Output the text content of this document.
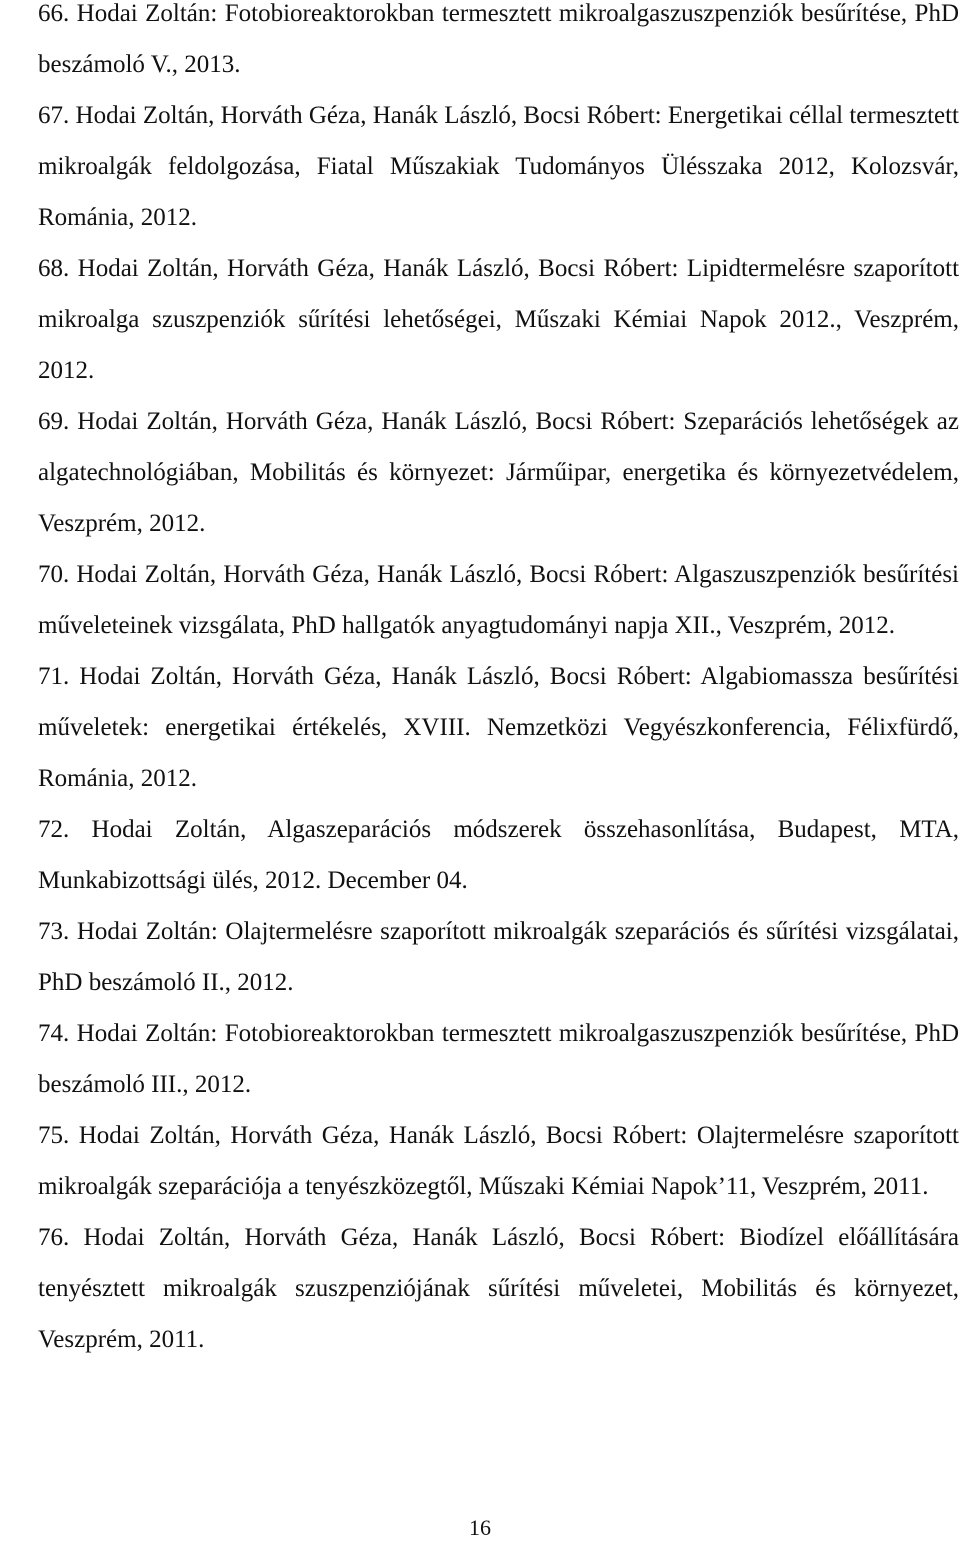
66. Hodai Zoltán: Fotobioreaktorokban termesztett mikroalgaszuszpenziók besűrítése, PhD beszámoló V., 2013.
67. Hodai Zoltán, Horváth Géza, Hanák László, Bocsi Róbert: Energetikai céllal termesztett mikroalgák feldolgozása, Fiatal Műszakiak Tudományos Ülésszaka 2012, Kolozsvár, Románia, 2012.
68. Hodai Zoltán, Horváth Géza, Hanák László, Bocsi Róbert: Lipidtermelésre szaporított mikroalga szuszpenziók sűrítési lehetőségei, Műszaki Kémiai Napok 2012., Veszprém, 2012.
69. Hodai Zoltán, Horváth Géza, Hanák László, Bocsi Róbert: Szeparációs lehetőségek az algatechnológiában, Mobilitás és környezet: Járműipar, energetika és környezetvédelem, Veszprém, 2012.
70. Hodai Zoltán, Horváth Géza, Hanák László, Bocsi Róbert: Algaszuszpenziók besűrítési műveleteinek vizsgálata, PhD hallgatók anyagtudományi napja XII., Veszprém, 2012.
71. Hodai Zoltán, Horváth Géza, Hanák László, Bocsi Róbert: Algabiomassza besűrítési műveletek: energetikai értékelés, XVIII. Nemzetközi Vegyészkonferencia, Félixfürdő, Románia, 2012.
72. Hodai Zoltán, Algaszeparációs módszerek összehasonlítása, Budapest, MTA, Munkabizottsági ülés, 2012. December 04.
73. Hodai Zoltán: Olajtermelésre szaporított mikroalgák szeparációs és sűrítési vizsgálatai, PhD beszámoló II., 2012.
74. Hodai Zoltán: Fotobioreaktorokban termesztett mikroalgaszuszpenziók besűrítése, PhD beszámoló III., 2012.
75. Hodai Zoltán, Horváth Géza, Hanák László, Bocsi Róbert: Olajtermelésre szaporított mikroalgák szeparációja a tenyészközegtől, Műszaki Kémiai Napok’11, Veszprém, 2011.
76. Hodai Zoltán, Horváth Géza, Hanák László, Bocsi Róbert: Biodízel előállítására tenyésztett mikroalgák szuszpenziójának sűrítési műveletei, Mobilitás és környezet, Veszprém, 2011.
16
